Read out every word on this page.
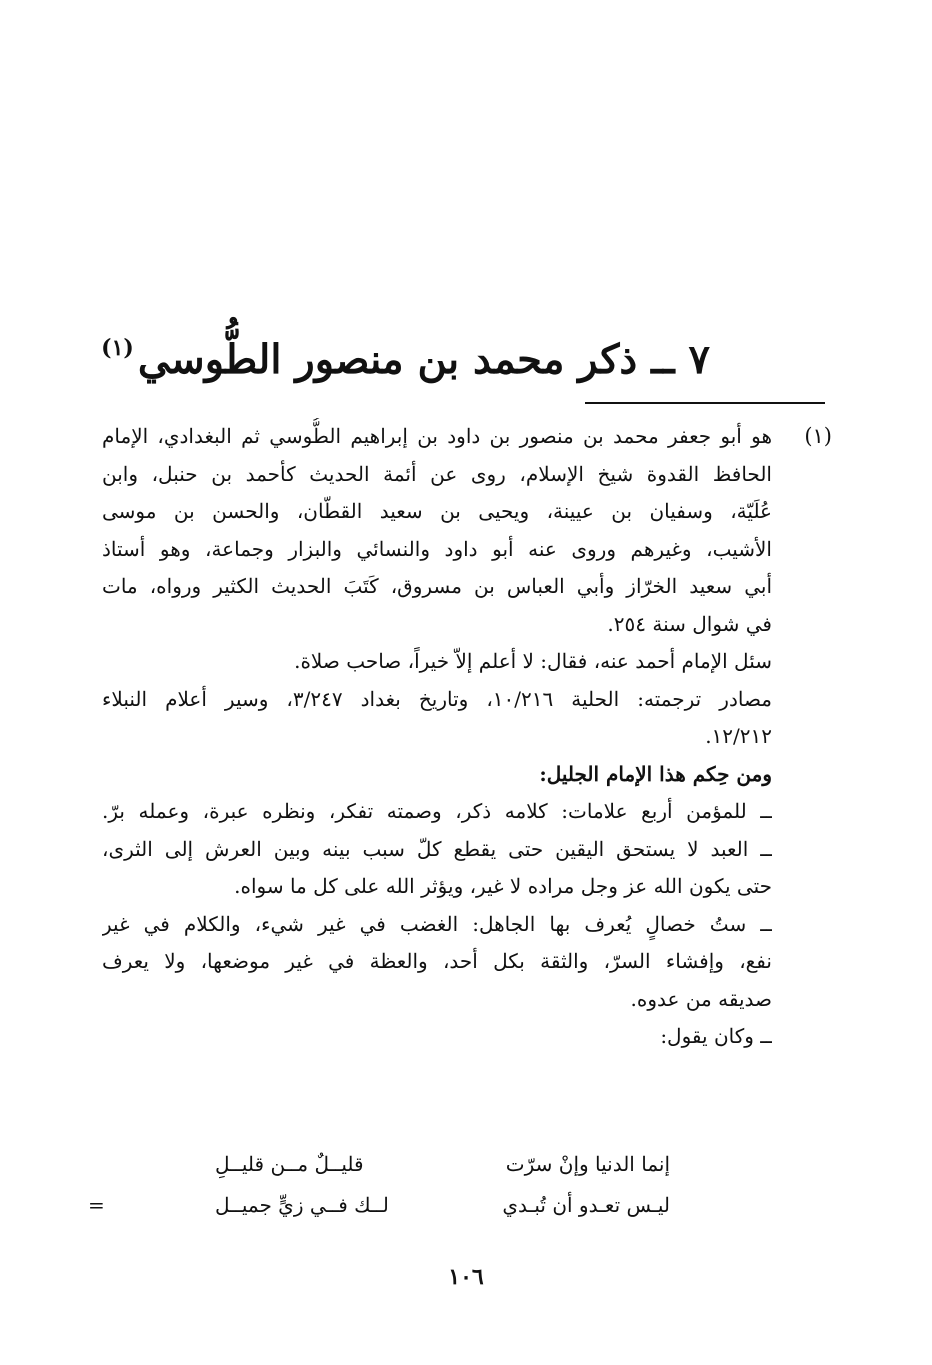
٧ ــ ذكر محمد بن منصور الطُّوسي$^{(١)}$
(١)
هو أبو جعفر محمد بن منصور بن داود بن إبراهيم الطُّوسي ثم البغدادي، الإمام
الحافظ القدوة شيخ الإسلام، روى عن أئمة الحديث كأحمد بن حنبل، وابن
عُلَيّة، وسفيان بن عيينة، ويحيى بن سعيد القطّان، والحسن بن موسى
الأشيب، وغيرهم وروى عنه أبو داود والنسائي والبزار وجماعة، وهو أستاذ
أبي سعيد الخرّاز وأبي العباس بن مسروق، كَتَبَ الحديث الكثير ورواه، مات
في شوال سنة ٢٥٤.
سئل الإمام أحمد عنه، فقال: لا أعلم إلاّ خيراً، صاحب صلاة.
مصادر ترجمته: الحلية ١٠/٢١٦، وتاريخ بغداد ٣/٢٤٧، وسير أعلام النبلاء
١٢/٢١٢.
ومن حِكم هذا الإمام الجليل:
ــ للمؤمن أربع علامات: كلامه ذكر، وصمته تفكر، ونظره عبرة، وعمله برّ.
ــ العبد لا يستحق اليقين حتى يقطع كلّ سبب بينه وبين العرش إلى الثرى،
حتى يكون الله عز وجل مراده لا غير، ويؤثر الله على كل ما سواه.
ــ ستُ خصالٍ يُعرف بها الجاهل: الغضب في غير شيء، والكلام في غير
نفع، وإفشاء السرّ، والثقة بكل أحد، والعظة في غير موضعها، ولا يعرف
صديقه من عدوه.
ــ وكان يقول:
إنما الدنيا وإنْ سرّت
قليــلٌ مــن قليــلِ
ليـس تعـدو أن تُبـدي
لــك فــي زيٍّ جميــل
=
١٠٦
